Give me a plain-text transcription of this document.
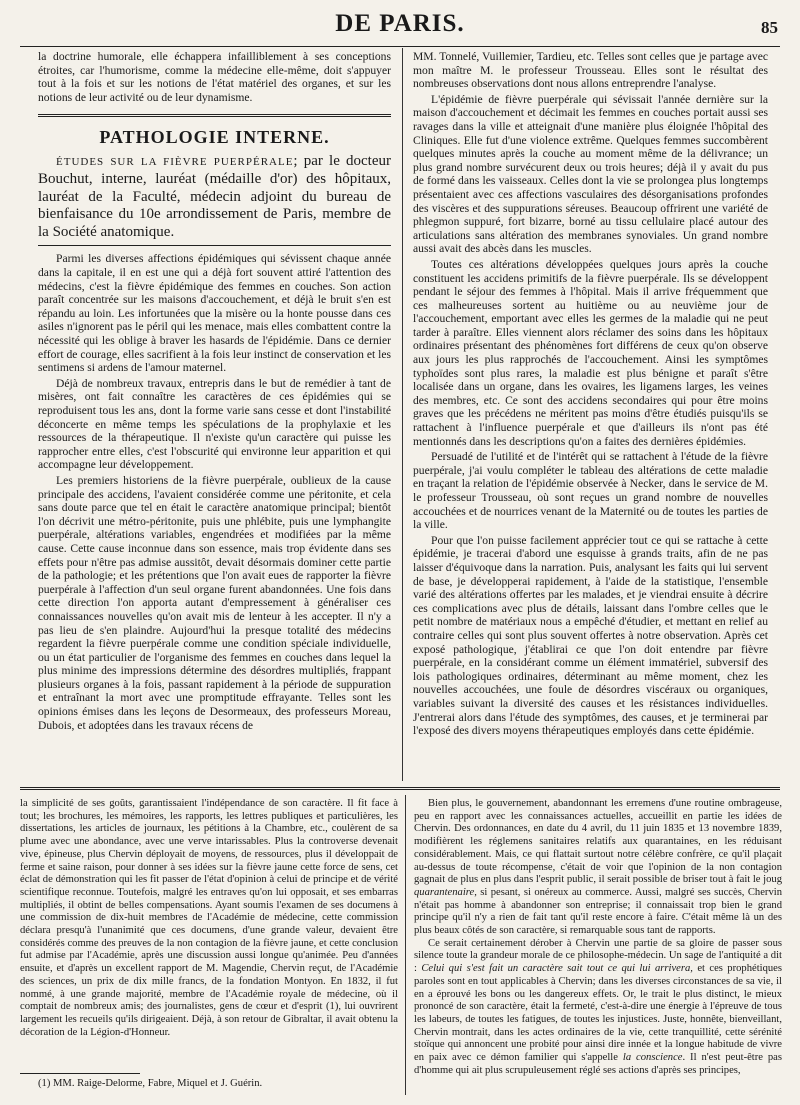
DE PARIS.	85

la doctrine humorale, elle échappera infailliblement à ses conceptions étroites, car l'humorisme, comme la médecine elle-même, doit s'appuyer tout à la fois et sur les notions de l'état matériel des organes, et sur les notions de leur activité ou de leur dynamisme.

PATHOLOGIE INTERNE.

ÉTUDES SUR LA FIÈVRE PUERPÉRALE; par le docteur Bouchut, interne, lauréat (médaille d'or) des hôpitaux, lauréat de la Faculté, médecin adjoint du bureau de bienfaisance du 10e arrondissement de Paris, membre de la Société anatomique.

Parmi les diverses affections épidémiques qui sévissent chaque année dans la capitale, il en est une qui a déjà fort souvent attiré l'attention des médecins, c'est la fièvre épidémique des femmes en couches. Son action paraît concentrée sur les maisons d'accouchement, et déjà le bruit s'en est répandu au loin. Les infortunées que la misère ou la honte pousse dans ces asiles n'ignorent pas le péril qui les menace, mais elles combattent contre la nécessité qui les oblige à braver les hasards de l'épidémie. Dans ce dernier effort de courage, elles sacrifient à la fois leur instinct de conservation et les sentimens si ardens de l'amour maternel.

Déjà de nombreux travaux, entrepris dans le but de remédier à tant de misères, ont fait connaître les caractères de ces épidémies qui se reproduisent tous les ans, dont la forme varie sans cesse et dont l'instabilité déconcerte en même temps les spéculations de la prophylaxie et les ressources de la thérapeutique. Il n'existe qu'un caractère qui puisse les rapprocher entre elles, c'est l'obscurité qui environne leur apparition et qui accompagne leur développement.

Les premiers historiens de la fièvre puerpérale, oublieux de la cause principale des accidens, l'avaient considérée comme une péritonite, et cela sans doute parce que tel en était le caractère anatomique principal; bientôt l'on décrivit une métro-péritonite, puis une phlébite, puis une lymphangite puerpérale, altérations variables, engendrées et modifiées par la même cause. Cette cause inconnue dans son essence, mais trop évidente dans ses effets pour n'être pas admise aussitôt, devait désormais dominer cette partie de la pathologie; et les prétentions que l'on avait eues de rapporter la fièvre puerpérale à l'affection d'un seul organe furent abandonnées. Une fois dans cette direction l'on apporta autant d'empressement à généraliser ces connaissances nouvelles qu'on avait mis de lenteur à les accepter. Il n'y a pas lieu de s'en plaindre. Aujourd'hui la presque totalité des médecins regardent la fièvre puerpérale comme une condition spéciale individuelle, ou un état particulier de l'organisme des femmes en couches dans lequel la plus minime des impressions détermine des désordres multipliés, frappant plusieurs organes à la fois, passant rapidement à la période de suppuration et entraînant la mort avec une promptitude effrayante. Telles sont les opinions émises dans les leçons de Desormeaux, des professeurs Moreau, Dubois, et adoptées dans les travaux récens de

MM. Tonnelé, Vuillemier, Tardieu, etc. Telles sont celles que je partage avec mon maître M. le professeur Trousseau. Elles sont le résultat des nombreuses observations dont nous allons entreprendre l'analyse.

L'épidémie de fièvre puerpérale qui sévissait l'année dernière sur la maison d'accouchement et décimait les femmes en couches portait aussi ses ravages dans la ville et atteignait d'une manière plus éloignée l'hôpital des Cliniques. Elle fut d'une violence extrême. Quelques femmes succombèrent quelques minutes après la couche au moment même de la délivrance; un plus grand nombre survécurent deux ou trois heures; déjà il y avait du pus de formé dans les vaisseaux. Celles dont la vie se prolongea plus longtemps présentaient avec ces affections vasculaires des désorganisations profondes des viscères et des suppurations séreuses. Beaucoup offrirent une variété de phlegmon suppuré, fort bizarre, borné au tissu cellulaire placé autour des articulations sans altération des membranes synoviales. Un grand nombre aussi avait des abcès dans les muscles.

Toutes ces altérations développées quelques jours après la couche constituent les accidens primitifs de la fièvre puerpérale. Ils se développent pendant le séjour des femmes à l'hôpital. Mais il arrive fréquemment que ces malheureuses sortent au huitième ou au neuvième jour de l'accouchement, emportant avec elles les germes de la maladie qui ne peut tarder à paraître. Elles viennent alors réclamer des soins dans les hôpitaux ordinaires présentant des phénomènes fort différens de ceux qu'on observe aux jours les plus rapprochés de l'accouchement. Ainsi les symptômes typhoïdes sont plus rares, la maladie est plus bénigne et paraît s'être localisée dans un organe, dans les ovaires, les ligamens larges, les veines des membres, etc. Ce sont des accidens secondaires qui pour être moins graves que les précédens ne méritent pas moins d'être étudiés puisqu'ils se rattachent à l'influence puerpérale et que d'ailleurs ils n'ont pas été mentionnés dans les descriptions qu'on a faites des dernières épidémies.

Persuadé de l'utilité et de l'intérêt qui se rattachent à l'étude de la fièvre puerpérale, j'ai voulu compléter le tableau des altérations de cette maladie en traçant la relation de l'épidémie observée à Necker, dans le service de M. le professeur Trousseau, où sont reçues un grand nombre de nouvelles accouchées et de nourrices venant de la Maternité ou de toutes les parties de la ville.

Pour que l'on puisse facilement apprécier tout ce qui se rattache à cette épidémie, je tracerai d'abord une esquisse à grands traits, afin de ne pas laisser d'équivoque dans la narration. Puis, analysant les faits qui lui servent de base, je développerai rapidement, à l'aide de la statistique, l'ensemble varié des altérations offertes par les malades, et je viendrai ensuite à décrire ces complications avec plus de détails, laissant dans l'ombre celles que le petit nombre de matériaux nous a empêché d'étudier, et mettant en relief au contraire celles qui sont plus souvent offertes à notre observation. Après cet exposé pathologique, j'établirai ce que l'on doit entendre par fièvre puerpérale, en la considérant comme un élément immatériel, subversif des lois pathologiques ordinaires, déterminant au même moment, chez les nouvelles accouchées, une foule de désordres viscéraux ou organiques, variables suivant la diversité des causes et les résistances individuelles. J'entrerai alors dans l'étude des symptômes, des causes, et je terminerai par l'exposé des divers moyens thérapeutiques employés dans cette épidémie.

la simplicité de ses goûts, garantissaient l'indépendance de son caractère. Il fit face à tout; les brochures, les mémoires, les rapports, les lettres publiques et particulières, les dissertations, les articles de journaux, les pétitions à la Chambre, etc., coulèrent de sa plume avec une abondance, avec une verve intarissables. Plus la controverse devenait vive, épineuse, plus Chervin déployait de moyens, de ressources, plus il développait de ferme et saine raison, pour donner à ses idées sur la fièvre jaune cette force de sens, cet éclat de démonstration qui les fit passer de l'état d'opinion à celui de principe et de vérité scientifique reconnue. Toutefois, malgré les entraves qu'on lui opposait, et ses embarras multipliés, il obtint de belles compensations. Ayant soumis l'examen de ses documens à une commission de dix-huit membres de l'Académie de médecine, cette commission déclara presqu'à l'unanimité que ces documens, d'une grande valeur, devaient être considérés comme des preuves de la non contagion de la fièvre jaune, et cette conclusion fut admise par l'Académie, après une discussion aussi longue qu'animée. Peu d'années ensuite, et d'après un excellent rapport de M. Magendie, Chervin reçut, de l'Académie des sciences, un prix de dix mille francs, de la fondation Montyon. En 1832, il fut nommé, à une grande majorité, membre de l'Académie royale de médecine, où il comptait de nombreux amis; des journalistes, gens de cœur et d'esprit (1), lui ouvrirent largement les recueils qu'ils dirigeaient. Déjà, à son retour de Gibraltar, il avait obtenu la décoration de la Légion-d'Honneur.

Bien plus, le gouvernement, abandonnant les erremens d'une routine ombrageuse, peu en rapport avec les connaissances actuelles, accueillit en partie les idées de Chervin. Des ordonnances, en date du 4 avril, du 11 juin 1835 et 13 novembre 1839, modifièrent les réglemens sanitaires relatifs aux quarantaines, en les réduisant considérablement. Mais, ce qui flattait surtout notre célèbre confrère, ce qu'il plaçait au-dessus de toute récompense, c'était de voir que l'opinion de la non contagion gagnait de plus en plus dans l'esprit public, il serait possible de briser tout à fait le joug quarantenaire, si pesant, si onéreux au commerce. Aussi, malgré ses succès, Chervin n'était pas homme à abandonner son entreprise; il connaissait trop bien le grand principe qu'il n'y a rien de fait tant qu'il reste encore à faire. C'était même là un des plus beaux côtés de son caractère, si remarquable sous tant de rapports.

Ce serait certainement dérober à Chervin une partie de sa gloire de passer sous silence toute la grandeur morale de ce philosophe-médecin. Un sage de l'antiquité a dit : Celui qui s'est fait un caractère sait tout ce qui lui arrivera, et ces prophétiques paroles sont en tout applicables à Chervin; dans les diverses circonstances de sa vie, il en a éprouvé les bons ou les dangereux effets. Or, le trait le plus distinct, le mieux prononcé de son caractère, était la fermeté, c'est-à-dire une énergie à l'épreuve de tous les labeurs, de toutes les fatigues, de toutes les injustices. Juste, honnête, bienveillant, Chervin montrait, dans les actes ordinaires de la vie, cette tranquillité, cette sérénité stoïque qui annoncent une probité pour ainsi dire innée et la longue habitude de vivre en paix avec ce démon familier qui s'appelle la conscience. Il n'est peut-être pas d'homme qui ait plus scrupuleusement réglé ses actions d'après ses principes,

(1) MM. Raige-Delorme, Fabre, Miquel et J. Guérin.
